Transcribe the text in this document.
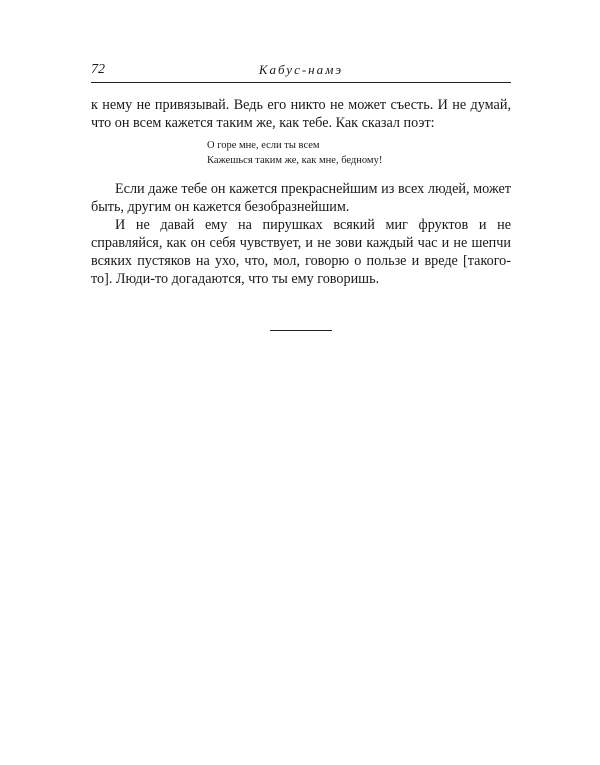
72	Кабус-намэ

к нему не привязывай. Ведь его никто не может съесть. И не думай, что он всем кажется таким же, как тебе. Как сказал поэт:

О горе мне, если ты всем
Кажешься таким же, как мне, бедному!

Если даже тебе он кажется прекраснейшим из всех людей, может быть, другим он кажется безобразнейшим.

И не давай ему на пирушках всякий миг фруктов и не справляйся, как он себя чувствует, и не зови каждый час и не шепчи всяких пустяков на ухо, что, мол, говорю о пользе и вреде [такого-то]. Люди-то догадаются, что ты ему говоришь.
